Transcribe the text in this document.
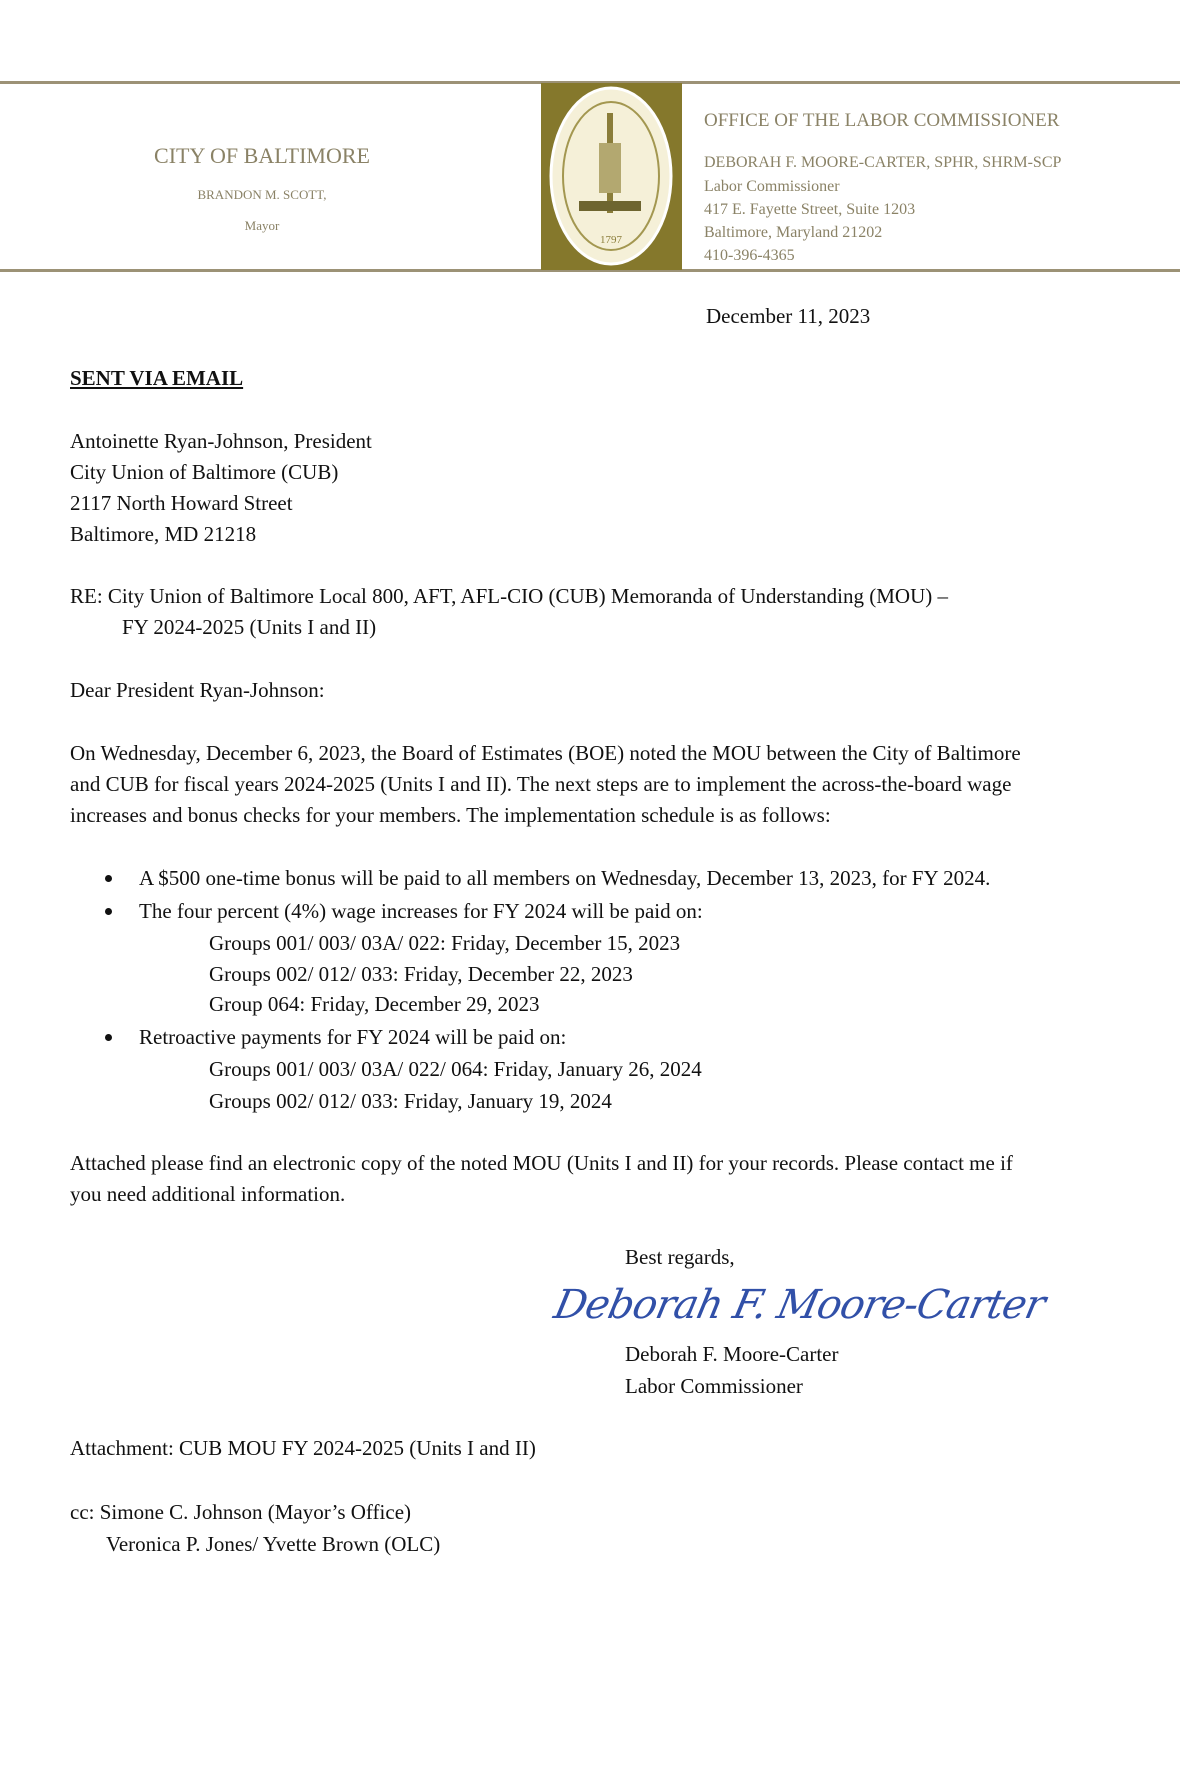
CITY OF BALTIMORE
BRANDON M. SCOTT,
Mayor
1797
OFFICE OF THE LABOR COMMISSIONER
DEBORAH F. MOORE-CARTER, SPHR, SHRM-SCP
Labor Commissioner
417 E. Fayette Street, Suite 1203
Baltimore, Maryland 21202
410-396-4365
December 11, 2023
SENT VIA EMAIL
Antoinette Ryan-Johnson, President
City Union of Baltimore (CUB)
2117 North Howard Street
Baltimore, MD 21218
RE: City Union of Baltimore Local 800, AFT, AFL-CIO (CUB) Memoranda of Understanding (MOU) –
FY 2024-2025 (Units I and II)
Dear President Ryan-Johnson:
On Wednesday, December 6, 2023, the Board of Estimates (BOE) noted the MOU between the City of Baltimore
and CUB for fiscal years 2024-2025 (Units I and II). The next steps are to implement the across-the-board wage
increases and bonus checks for your members. The implementation schedule is as follows:
A $500 one-time bonus will be paid to all members on Wednesday, December 13, 2023, for FY 2024.
The four percent (4%) wage increases for FY 2024 will be paid on:
Groups 001/ 003/ 03A/ 022: Friday, December 15, 2023
Groups 002/ 012/ 033: Friday, December 22, 2023
Group 064: Friday, December 29, 2023
Retroactive payments for FY 2024 will be paid on:
Groups 001/ 003/ 03A/ 022/ 064: Friday, January 26, 2024
Groups 002/ 012/ 033: Friday, January 19, 2024
Attached please find an electronic copy of the noted MOU (Units I and II) for your records. Please contact me if
you need additional information.
Best regards,
Deborah F. Moore-Carter
Deborah F. Moore-Carter
Labor Commissioner
Attachment: CUB MOU FY 2024-2025 (Units I and II)
cc: Simone C. Johnson (Mayor’s Office)
Veronica P. Jones/ Yvette Brown (OLC)
